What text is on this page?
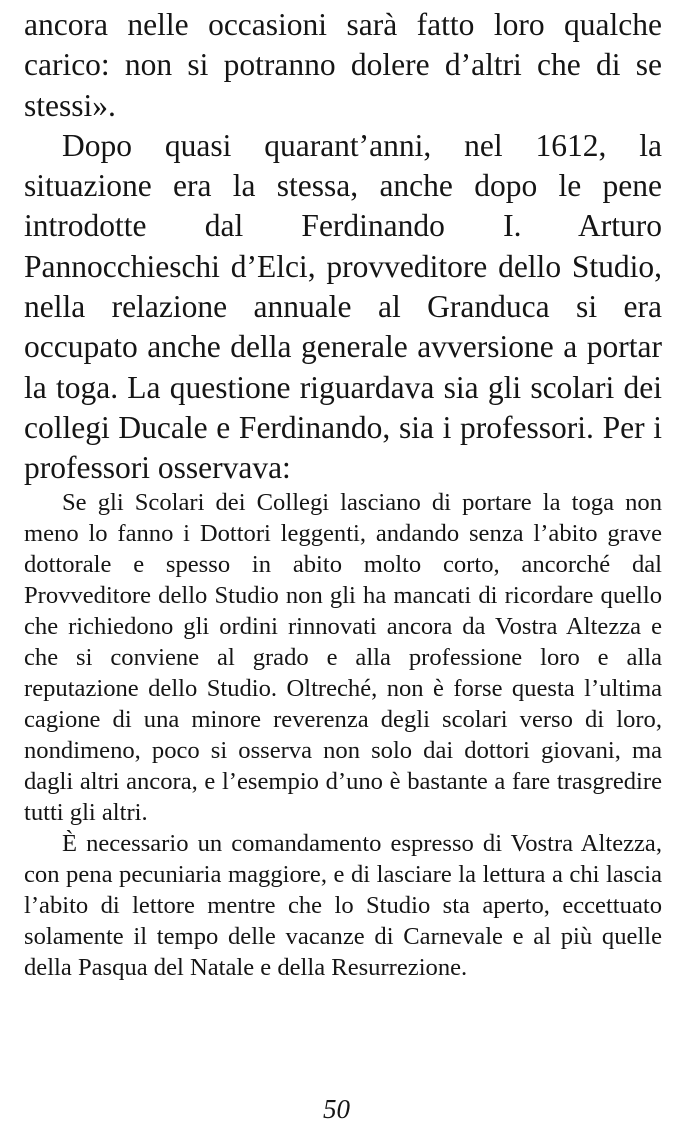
ancora nelle occasioni sarà fatto loro qualche carico: non si potranno dolere d’altri che di se stessi».

Dopo quasi quarant’anni, nel 1612, la situazione era la stessa, anche dopo le pene introdotte dal Ferdinando I. Arturo Pannocchieschi d’Elci, provveditore dello Studio, nella relazione annuale al Granduca si era occupato anche della generale avversione a portar la toga. La questione riguardava sia gli scolari dei collegi Ducale e Ferdinando, sia i professori. Per i professori osservava:

Se gli Scolari dei Collegi lasciano di portare la toga non meno lo fanno i Dottori leggenti, andando senza l’abito grave dottorale e spesso in abito molto corto, ancorché dal Provveditore dello Studio non gli ha mancati di ricordare quello che richiedono gli ordini rinnovati ancora da Vostra Altezza e che si conviene al grado e alla professione loro e alla reputazione dello Studio. Oltreché, non è forse questa l’ultima cagione di una minore reverenza degli scolari verso di loro, nondimeno, poco si osserva non solo dai dottori giovani, ma dagli altri ancora, e l’esempio d’uno è bastante a fare trasgredire tutti gli altri.

È necessario un comandamento espresso di Vostra Altezza, con pena pecuniaria maggiore, e di lasciare la lettura a chi lascia l’abito di lettore mentre che lo Studio sta aperto, eccettuato solamente il tempo delle vacanze di Carnevale e al più quelle della Pasqua del Natale e della Resurrezione.

50
